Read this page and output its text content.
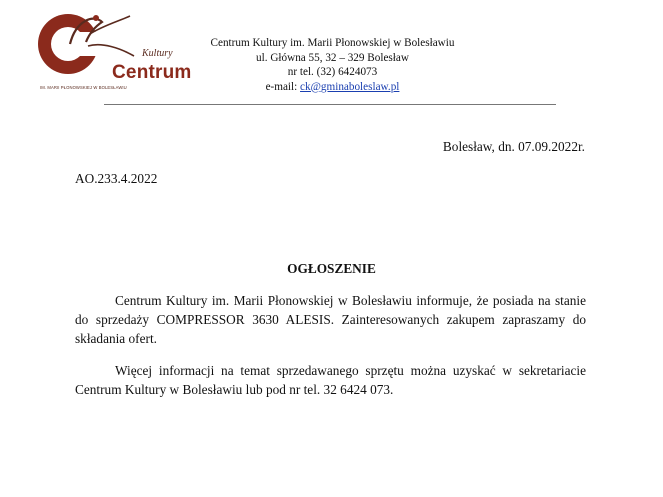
Kultury
Centrum
IM. MARII PŁONOWSKIEJ W BOLESŁAWIU
Centrum Kultury im. Marii Płonowskiej w Bolesławiu
ul. Główna 55, 32 – 329 Bolesław
nr tel. (32) 6424073
e-mail: ck@gminaboleslaw.pl
Bolesław, dn. 07.09.2022r.
AO.233.4.2022
OGŁOSZENIE
Centrum Kultury im. Marii Płonowskiej w Bolesławiu informuje, że posiada na stanie do sprzedaży COMPRESSOR 3630 ALESIS. Zainteresowanych zakupem zapraszamy do składania ofert.
Więcej informacji na temat sprzedawanego sprzętu można uzyskać w sekretariacie Centrum Kultury w Bolesławiu lub pod nr tel. 32 6424 073.
